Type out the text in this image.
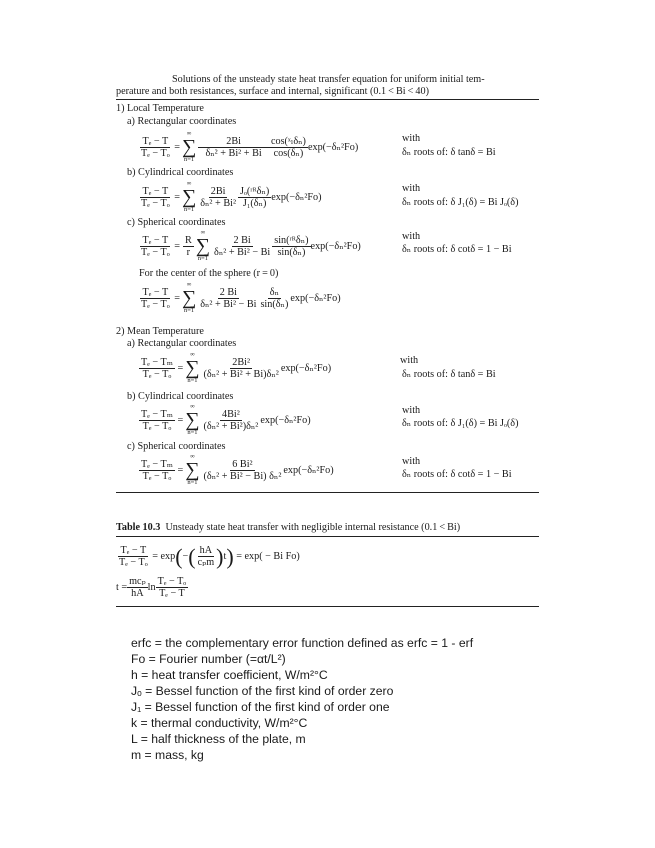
Solutions of the unsteady state heat transfer equation for uniform initial tem-
perature and both resistances, surface and internal, significant (0.1 < Bi < 40)
1) Local Temperature
a) Rectangular coordinates
$\frac{\text{Tₑ − T}}{\text{Tₑ − Tₒ}}$ =
∞
∑
n=1
$\frac{2Bi}{\text{δₙ² + Bi² + Bi}} \frac{\text{cos(ˣₗδₙ)}}{\text{cos(δₙ)}} \exp(-\delta_n^2Fo)$
with
δₙ roots of: δ tanδ = Bi
b) Cylindrical coordinates
$\frac{\text{Tₑ − T}}{\text{Tₑ − Tₒ}}$ =
∞
∑
n=1
$\frac{2Bi}{\text{δₙ² + Bi²}} \frac{\text{Jₒ(ʳᴿδₙ)}}{\text{J₁(δₙ)}} \exp(-\delta_n^2Fo)$
with
δₙ roots of: δ J₁(δ) = Bi Jₒ(δ)
c) Spherical coordinates
$\frac{\text{Tₑ − T}}{\text{Tₑ − Tₒ}} = \frac{R}{r}$
∞
∑
n=1
$\frac{2 Bi}{\text{δₙ² + Bi² − Bi}} \frac{\text{sin(ʳᴿδₙ)}}{\text{sin(δₙ)}} \exp(-\delta_n^2Fo)$
with
δₙ roots of: δ cotδ = 1 − Bi
For the center of the sphere (r = 0)
$\frac{\text{Tₑ − T}}{\text{Tₑ − Tₒ}}$ =
∞
∑
n=1
$\frac{2 Bi}{\text{δₙ² + Bi² − Bi}} \frac{\text{δₙ}}{\text{sin(δₙ)}} \exp(-\delta_n^2Fo)$
2) Mean Temperature
a) Rectangular coordinates
$\frac{\text{Tₑ − Tₘ}}{\text{Tₑ − Tₒ}}$ =
∞
∑
n=1
$\frac{\text{2Bi²}}{\text{(δₙ² + Bi² + Bi)δₙ²}} \exp(-\delta_n^2Fo)$
with
δₙ roots of: δ tanδ = Bi
b) Cylindrical coordinates
$\frac{\text{Tₑ − Tₘ}}{\text{Tₑ − Tₒ}}$ =
∞
∑
n=1
$\frac{\text{4Bi²}}{\text{(δₙ² + Bi²)δₙ²}} \exp(-\delta_n^2Fo)$
with
δₙ roots of: δ J₁(δ) = Bi Jₒ(δ)
c) Spherical coordinates
$\frac{\text{Tₑ − Tₘ}}{\text{Tₑ − Tₒ}}$ =
∞
∑
n=1
$\frac{\text{6 Bi²}}{\text{(δₙ² + Bi² − Bi) δₙ²}} \exp(-\delta_n^2Fo)$
with
δₙ roots of: δ cotδ = 1 − Bi
Table 10.3 Unsteady state heat transfer with negligible internal resistance (0.1 < Bi)
$\frac{\text{Tₑ − T}}{\text{Tₑ − Tₒ}}$
= exp ( − ( $\frac{hA}{\text{cₚm}}$ ) t )
= exp( − Bi Fo)
$t = \frac{\text{mcₚ}}{hA}$ $\ln \frac{\text{Tₑ − Tₒ}}{\text{Tₑ − T}}$
erfc = the complementary error function defined as erfc = 1 - erf
Fo = Fourier number (=αt/L²)
h = heat transfer coefficient, W/m²°C
Jₒ = Bessel function of the first kind of order zero
J₁ = Bessel function of the first kind of order one
k = thermal conductivity, W/m²°C
L = half thickness of the plate, m
m = mass, kg
